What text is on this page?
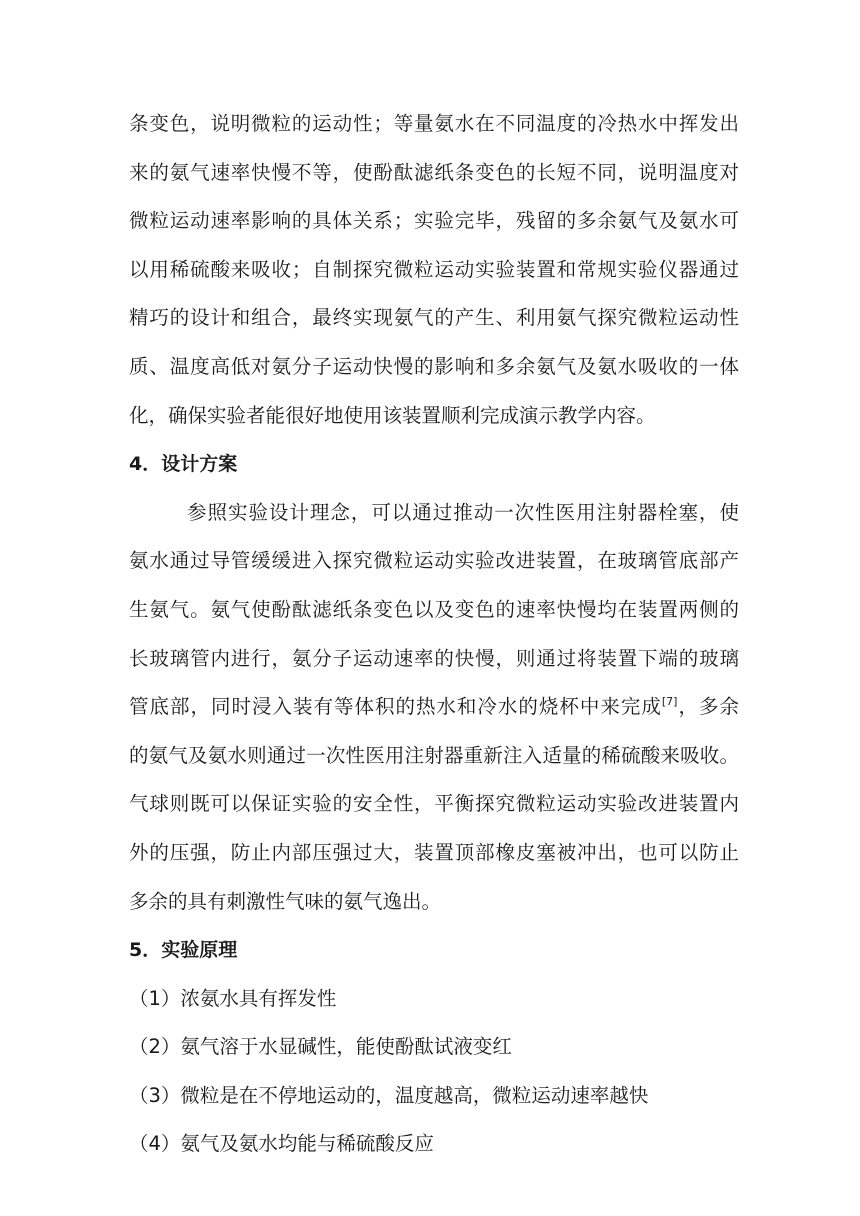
条变色，说明微粒的运动性；等量氨水在不同温度的冷热水中挥发出
来的氨气速率快慢不等，使酚酞滤纸条变色的长短不同，说明温度对
微粒运动速率影响的具体关系；实验完毕，残留的多余氨气及氨水可
以用稀硫酸来吸收；自制探究微粒运动实验装置和常规实验仪器通过
精巧的设计和组合，最终实现氨气的产生、利用氨气探究微粒运动性
质、温度高低对氨分子运动快慢的影响和多余氨气及氨水吸收的一体
化，确保实验者能很好地使用该装置顺利完成演示教学内容。

4．设计方案

参照实验设计理念，可以通过推动一次性医用注射器栓塞，使
氨水通过导管缓缓进入探究微粒运动实验改进装置，在玻璃管底部产
生氨气。氨气使酚酞滤纸条变色以及变色的速率快慢均在装置两侧的
长玻璃管内进行，氨分子运动速率的快慢，则通过将装置下端的玻璃
管底部，同时浸入装有等体积的热水和冷水的烧杯中来完成[7]，多余
的氨气及氨水则通过一次性医用注射器重新注入适量的稀硫酸来吸收。
气球则既可以保证实验的安全性，平衡探究微粒运动实验改进装置内
外的压强，防止内部压强过大，装置顶部橡皮塞被冲出，也可以防止
多余的具有刺激性气味的氨气逸出。

5．实验原理

（1）浓氨水具有挥发性

（2）氨气溶于水显碱性，能使酚酞试液变红

（3）微粒是在不停地运动的，温度越高，微粒运动速率越快

（4）氨气及氨水均能与稀硫酸反应
